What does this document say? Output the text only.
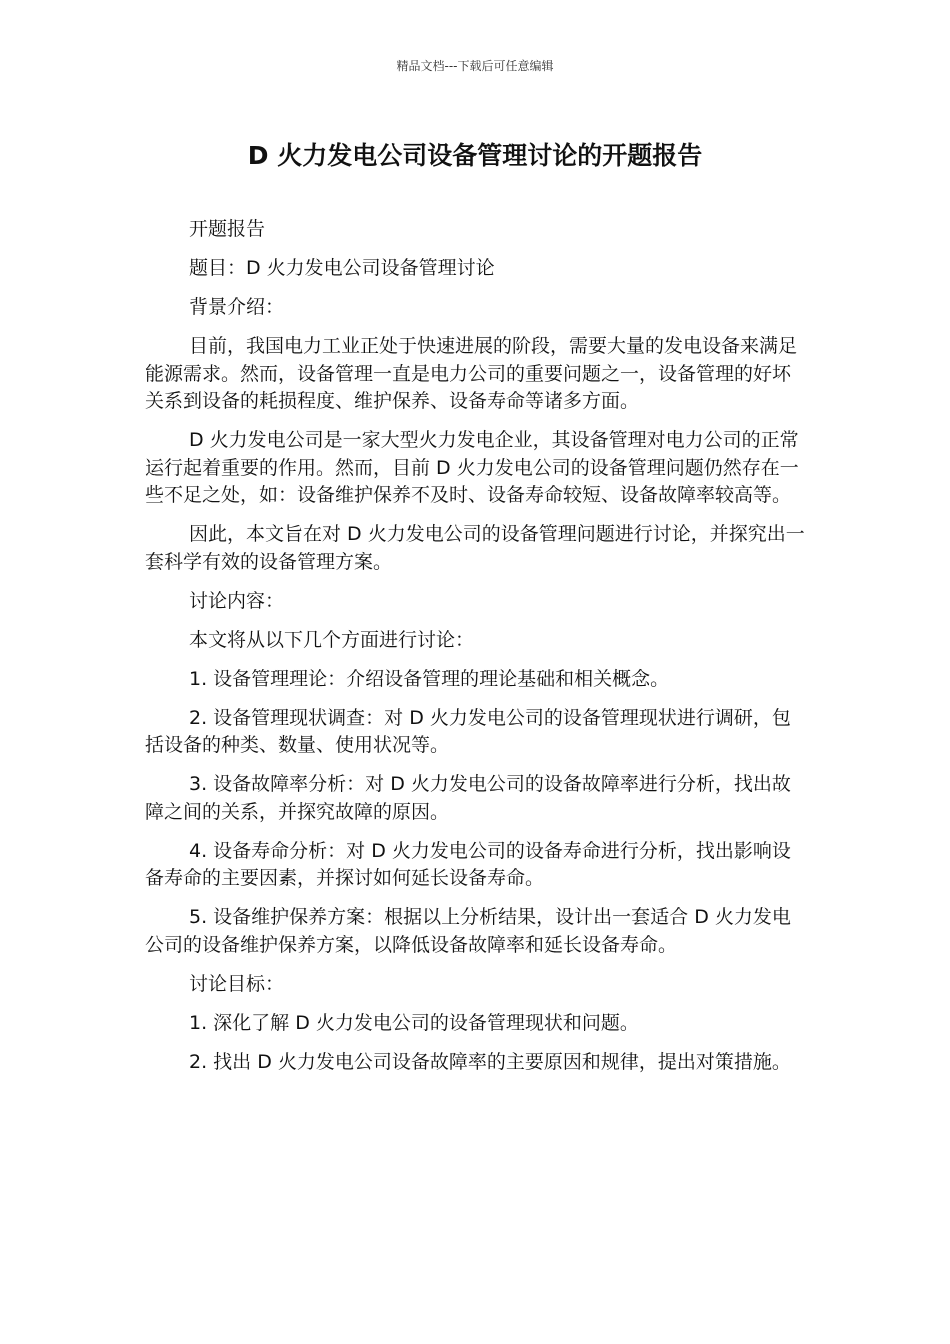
精品文档---下载后可任意编辑
D 火力发电公司设备管理讨论的开题报告

开题报告

题目：D 火力发电公司设备管理讨论

背景介绍：

目前，我国电力工业正处于快速进展的阶段，需要大量的发电设备来满足能源需求。然而，设备管理一直是电力公司的重要问题之一，设备管理的好坏关系到设备的耗损程度、维护保养、设备寿命等诸多方面。

D 火力发电公司是一家大型火力发电企业，其设备管理对电力公司的正常运行起着重要的作用。然而，目前 D 火力发电公司的设备管理问题仍然存在一些不足之处，如：设备维护保养不及时、设备寿命较短、设备故障率较高等。

因此，本文旨在对 D 火力发电公司的设备管理问题进行讨论，并探究出一套科学有效的设备管理方案。

讨论内容：

本文将从以下几个方面进行讨论：

1. 设备管理理论：介绍设备管理的理论基础和相关概念。

2. 设备管理现状调查：对 D 火力发电公司的设备管理现状进行调研，包括设备的种类、数量、使用状况等。

3. 设备故障率分析：对 D 火力发电公司的设备故障率进行分析，找出故障之间的关系，并探究故障的原因。

4. 设备寿命分析：对 D 火力发电公司的设备寿命进行分析，找出影响设备寿命的主要因素，并探讨如何延长设备寿命。

5. 设备维护保养方案：根据以上分析结果，设计出一套适合 D 火力发电公司的设备维护保养方案，以降低设备故障率和延长设备寿命。

讨论目标：

1. 深化了解 D 火力发电公司的设备管理现状和问题。

2. 找出 D 火力发电公司设备故障率的主要原因和规律，提出对策措施。
